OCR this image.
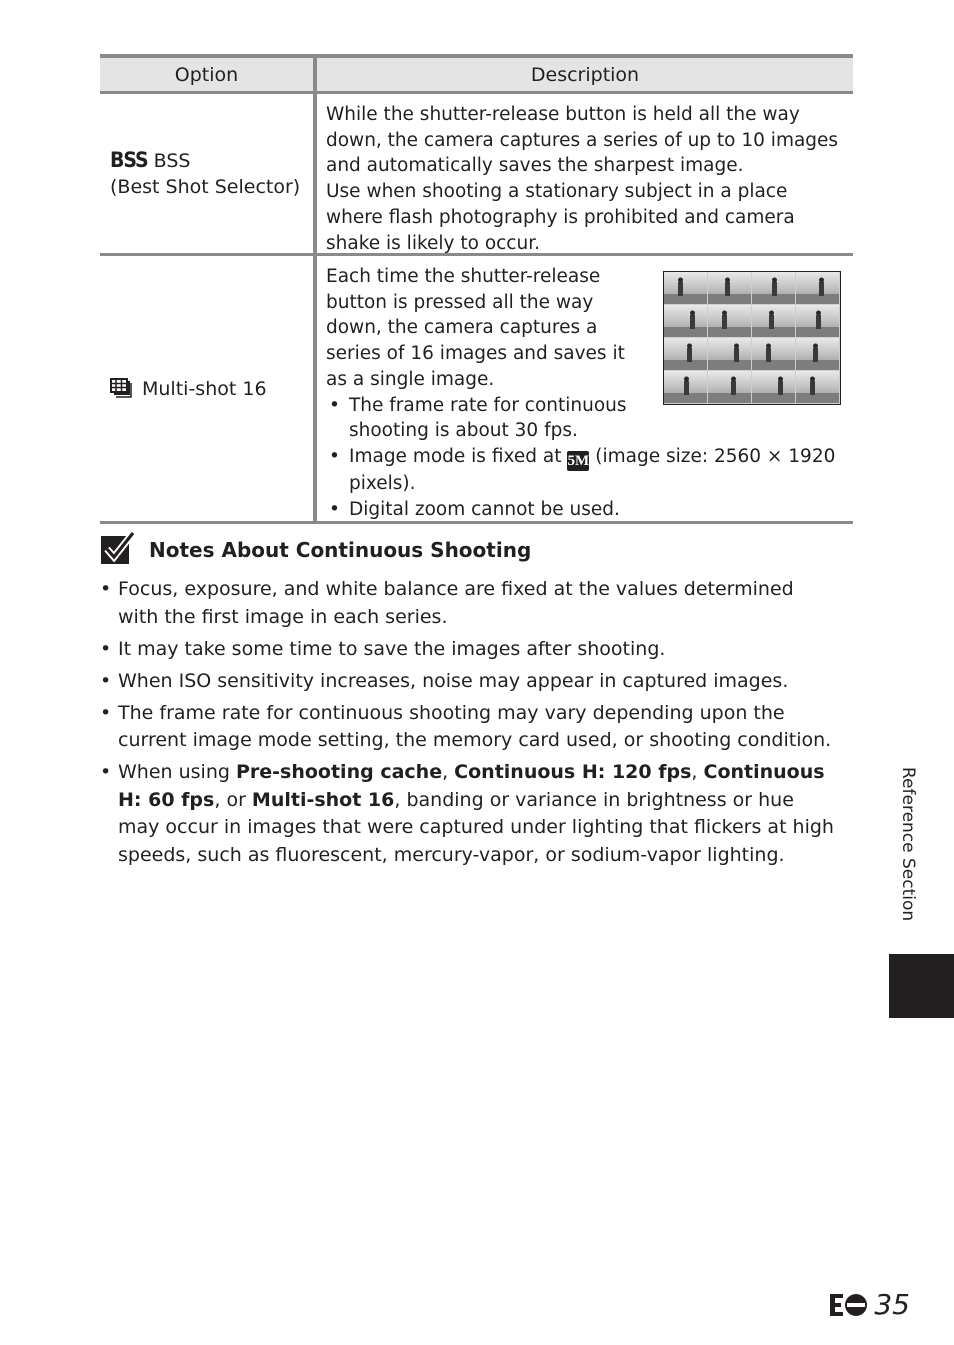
Option	Description
BSS BSS
(Best Shot Selector)

While the shutter-release button is held all the way down, the camera captures a series of up to 10 images and automatically saves the sharpest image.

Use when shooting a stationary subject in a place where flash photography is prohibited and camera shake is likely to occur.

Multi-shot 16

Each time the shutter-release button is pressed all the way down, the camera captures a series of 16 images and saves it as a single image.

• The frame rate for continuous shooting is about 30 fps.
• Image mode is fixed at 5M (image size: 2560 × 1920 pixels).
• Digital zoom cannot be used.
Notes About Continuous Shooting
• Focus, exposure, and white balance are fixed at the values determined with the first image in each series.
• It may take some time to save the images after shooting.
• When ISO sensitivity increases, noise may appear in captured images.
• The frame rate for continuous shooting may vary depending upon the current image mode setting, the memory card used, or shooting condition.
• When using Pre-shooting cache, Continuous H: 120 fps, Continuous H: 60 fps, or Multi-shot 16, banding or variance in brightness or hue may occur in images that were captured under lighting that flickers at high speeds, such as fluorescent, mercury-vapor, or sodium-vapor lighting.	Reference Section
35
